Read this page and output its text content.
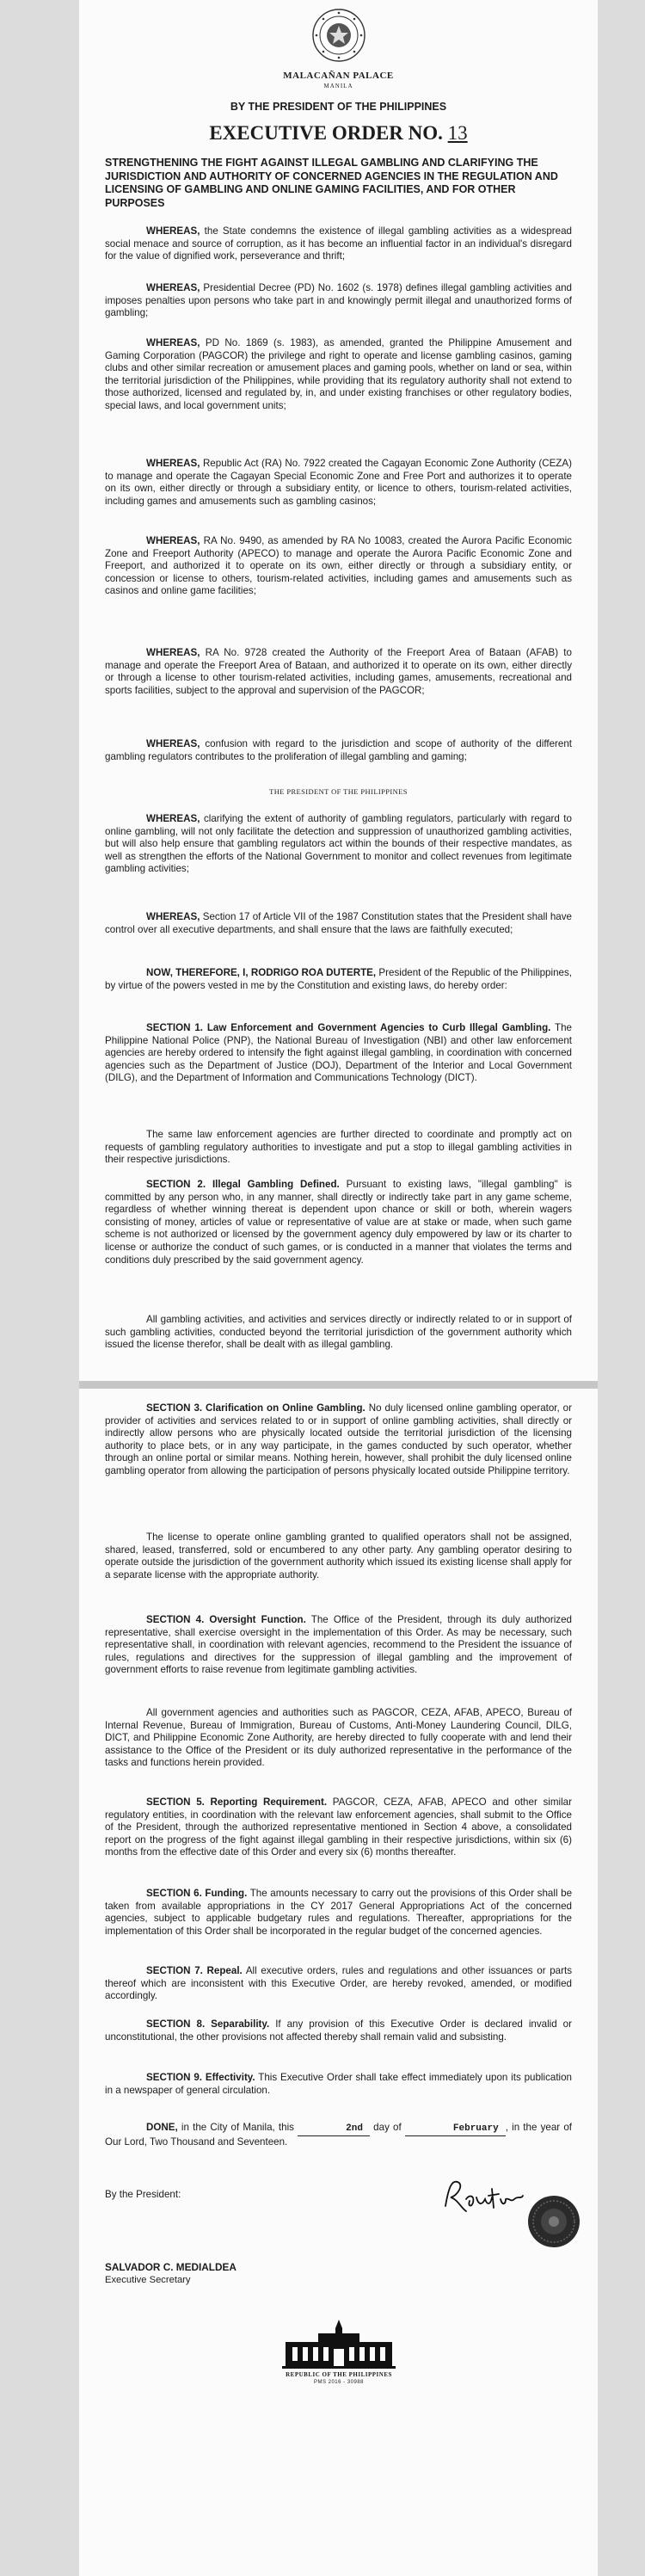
MALACAÑAN PALACE
MANILA
BY THE PRESIDENT OF THE PHILIPPINES
EXECUTIVE ORDER NO. 13
STRENGTHENING THE FIGHT AGAINST ILLEGAL GAMBLING AND CLARIFYING THE JURISDICTION AND AUTHORITY OF CONCERNED AGENCIES IN THE REGULATION AND LICENSING OF GAMBLING AND ONLINE GAMING FACILITIES, AND FOR OTHER PURPOSES

WHEREAS, the State condemns the existence of illegal gambling activities as a widespread social menace and source of corruption, as it has become an influential factor in an individual's disregard for the value of dignified work, perseverance and thrift;

WHEREAS, Presidential Decree (PD) No. 1602 (s. 1978) defines illegal gambling activities and imposes penalties upon persons who take part in and knowingly permit illegal and unauthorized forms of gambling;

WHEREAS, PD No. 1869 (s. 1983), as amended, granted the Philippine Amusement and Gaming Corporation (PAGCOR) the privilege and right to operate and license gambling casinos, gaming clubs and other similar recreation or amusement places and gaming pools, whether on land or sea, within the territorial jurisdiction of the Philippines, while providing that its regulatory authority shall not extend to those authorized, licensed and regulated by, in, and under existing franchises or other regulatory bodies, special laws, and local government units;

WHEREAS, Republic Act (RA) No. 7922 created the Cagayan Economic Zone Authority (CEZA) to manage and operate the Cagayan Special Economic Zone and Free Port and authorizes it to operate on its own, either directly or through a subsidiary entity, or licence to others, tourism-related activities, including games and amusements such as gambling casinos;

WHEREAS, RA No. 9490, as amended by RA No 10083, created the Aurora Pacific Economic Zone and Freeport Authority (APECO) to manage and operate the Aurora Pacific Economic Zone and Freeport, and authorized it to operate on its own, either directly or through a subsidiary entity, or concession or license to others, tourism-related activities, including games and amusements such as casinos and online game facilities;

WHEREAS, RA No. 9728 created the Authority of the Freeport Area of Bataan (AFAB) to manage and operate the Freeport Area of Bataan, and authorized it to operate on its own, either directly or through a license to other tourism-related activities, including games, amusements, recreational and sports facilities, subject to the approval and supervision of the PAGCOR;

WHEREAS, confusion with regard to the jurisdiction and scope of authority of the different gambling regulators contributes to the proliferation of illegal gambling and gaming;

THE PRESIDENT OF THE PHILIPPINES

WHEREAS, clarifying the extent of authority of gambling regulators, particularly with regard to online gambling, will not only facilitate the detection and suppression of unauthorized gambling activities, but will also help ensure that gambling regulators act within the bounds of their respective mandates, as well as strengthen the efforts of the National Government to monitor and collect revenues from legitimate gambling activities;

WHEREAS, Section 17 of Article VII of the 1987 Constitution states that the President shall have control over all executive departments, and shall ensure that the laws are faithfully executed;

NOW, THEREFORE, I, RODRIGO ROA DUTERTE, President of the Republic of the Philippines, by virtue of the powers vested in me by the Constitution and existing laws, do hereby order:

SECTION 1. Law Enforcement and Government Agencies to Curb Illegal Gambling. The Philippine National Police (PNP), the National Bureau of Investigation (NBI) and other law enforcement agencies are hereby ordered to intensify the fight against illegal gambling, in coordination with concerned agencies such as the Department of Justice (DOJ), Department of the Interior and Local Government (DILG), and the Department of Information and Communications Technology (DICT).

The same law enforcement agencies are further directed to coordinate and promptly act on requests of gambling regulatory authorities to investigate and put a stop to illegal gambling activities in their respective jurisdictions.

SECTION 2. Illegal Gambling Defined. Pursuant to existing laws, "illegal gambling" is committed by any person who, in any manner, shall directly or indirectly take part in any game scheme, regardless of whether winning thereat is dependent upon chance or skill or both, wherein wagers consisting of money, articles of value or representative of value are at stake or made, when such game scheme is not authorized or licensed by the government agency duly empowered by law or its charter to license or authorize the conduct of such games, or is conducted in a manner that violates the terms and conditions duly prescribed by the said government agency.

All gambling activities, and activities and services directly or indirectly related to or in support of such gambling activities, conducted beyond the territorial jurisdiction of the government authority which issued the license therefor, shall be dealt with as illegal gambling.

SECTION 3. Clarification on Online Gambling. No duly licensed online gambling operator, or provider of activities and services related to or in support of online gambling activities, shall directly or indirectly allow persons who are physically located outside the territorial jurisdiction of the licensing authority to place bets, or in any way participate, in the games conducted by such operator, whether through an online portal or similar means. Nothing herein, however, shall prohibit the duly licensed online gambling operator from allowing the participation of persons physically located outside Philippine territory.

The license to operate online gambling granted to qualified operators shall not be assigned, shared, leased, transferred, sold or encumbered to any other party. Any gambling operator desiring to operate outside the jurisdiction of the government authority which issued its existing license shall apply for a separate license with the appropriate authority.

SECTION 4. Oversight Function. The Office of the President, through its duly authorized representative, shall exercise oversight in the implementation of this Order. As may be necessary, such representative shall, in coordination with relevant agencies, recommend to the President the issuance of rules, regulations and directives for the suppression of illegal gambling and the improvement of government efforts to raise revenue from legitimate gambling activities.

All government agencies and authorities such as PAGCOR, CEZA, AFAB, APECO, Bureau of Internal Revenue, Bureau of Immigration, Bureau of Customs, Anti-Money Laundering Council, DILG, DICT, and Philippine Economic Zone Authority, are hereby directed to fully cooperate with and lend their assistance to the Office of the President or its duly authorized representative in the performance of the tasks and functions herein provided.

SECTION 5. Reporting Requirement. PAGCOR, CEZA, AFAB, APECO and other similar regulatory entities, in coordination with the relevant law enforcement agencies, shall submit to the Office of the President, through the authorized representative mentioned in Section 4 above, a consolidated report on the progress of the fight against illegal gambling in their respective jurisdictions, within six (6) months from the effective date of this Order and every six (6) months thereafter.

SECTION 6. Funding. The amounts necessary to carry out the provisions of this Order shall be taken from available appropriations in the CY 2017 General Appropriations Act of the concerned agencies, subject to applicable budgetary rules and regulations. Thereafter, appropriations for the implementation of this Order shall be incorporated in the regular budget of the concerned agencies.

SECTION 7. Repeal. All executive orders, rules and regulations and other issuances or parts thereof which are inconsistent with this Executive Order, are hereby revoked, amended, or modified accordingly.

SECTION 8. Separability. If any provision of this Executive Order is declared invalid or unconstitutional, the other provisions not affected thereby shall remain valid and subsisting.

SECTION 9. Effectivity. This Executive Order shall take effect immediately upon its publication in a newspaper of general circulation.

DONE, in the City of Manila, this	2nd day of	February , in the year of Our Lord, Two Thousand and Seventeen.

By the President:
SALVADOR C. MEDIALDEA
Executive Secretary
REPUBLIC OF THE PHILIPPINES
PMS 2016 - 30988
